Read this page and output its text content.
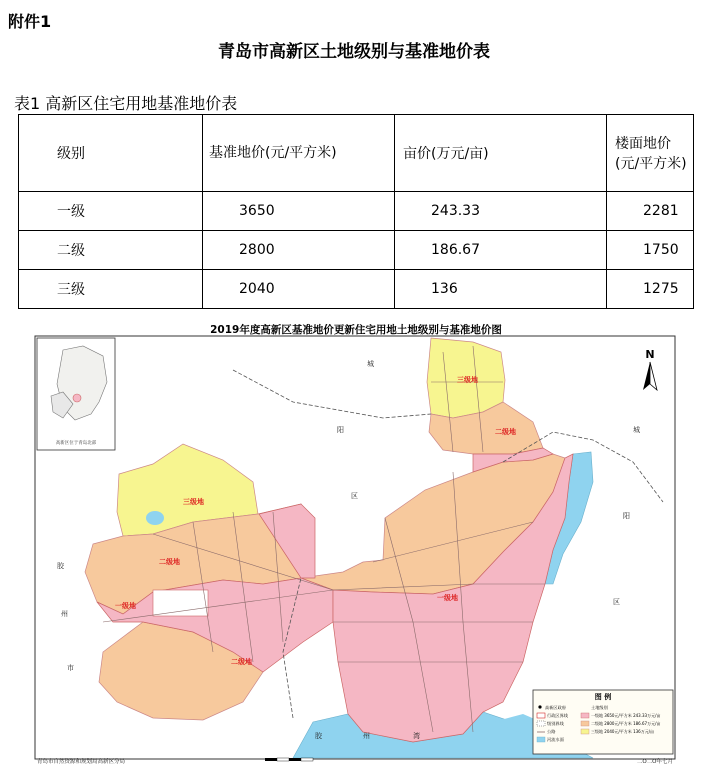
附件1
青岛市高新区土地级别与基准地价表
表1 高新区住宅用地基准地价表
级别	基准地价(元/平方米)	亩价(万元/亩)	楼面地价 (元/平方米)
一级	3650	243.33	2281
二级	2800	186.67	1750
三级	2040	136	1275
2019年度高新区基准地价更新住宅用地土地级别与基准地价图
高新区位于青岛北部
N
三级地
三级地
二级地
二级地
二级地
一级地
一级地
城
阳
区
胶
州
市
城
阳
区
胶	州	湾
图 例
高新区政府	土地级别
行政区界线	一级地 3650元/平方米 243.33万元/亩
级别界线	二级地 2800元/平方米 186.67万元/亩
公路	三级地 2040元/平方米 136万元/亩
河流水面
青岛市自然资源和规划局高新区分局	二O二O年七月
